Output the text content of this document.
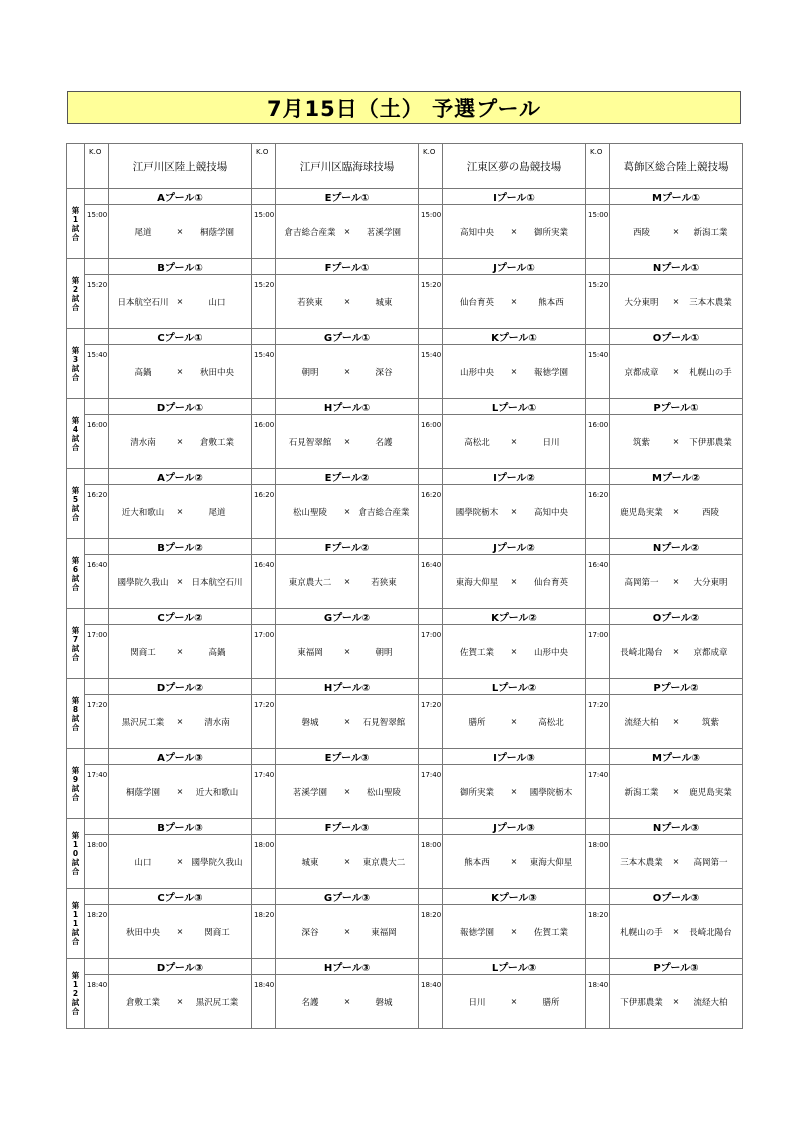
7月15日（土） 予選プール
	K.O	江戸川区陸上競技場	K.O	江戸川区臨海球技場	K.O	江東区夢の島競技場	K.O	葛飾区総合陸上競技場

第
1
試
合		Aプール①		Eプール①		Iプール①		Mプール①
	15:00	尾道 × 桐蔭学園	15:00	倉吉総合産業 × 茗溪学園	15:00	高知中央 × 御所実業	15:00	西陵 × 新潟工業

第
2
試
合		Bプール①		Fプール①		Jプール①		Nプール①
	15:20	日本航空石川 × 山口	15:20	若狭東 × 城東	15:20	仙台育英 × 熊本西	15:20	大分東明 × 三本木農業

第
3
試
合		Cプール①		Gプール①		Kプール①		Oプール①
	15:40	高鍋 × 秋田中央	15:40	朝明 × 深谷	15:40	山形中央 × 報徳学園	15:40	京都成章 × 札幌山の手

第
4
試
合		Dプール①		Hプール①		Lプール①		Pプール①
	16:00	清水南 × 倉敷工業	16:00	石見智翠館 × 名護	16:00	高松北 × 日川	16:00	筑紫 × 下伊那農業

第
5
試
合		Aプール②		Eプール②		Iプール②		Mプール②
	16:20	近大和歌山 × 尾道	16:20	松山聖陵 × 倉吉総合産業	16:20	國學院栃木 × 高知中央	16:20	鹿児島実業 × 西陵

第
6
試
合		Bプール②		Fプール②		Jプール②		Nプール②
	16:40	國學院久我山 × 日本航空石川	16:40	東京農大二 × 若狭東	16:40	東海大仰星 × 仙台育英	16:40	高岡第一 × 大分東明

第
7
試
合		Cプール②		Gプール②		Kプール②		Oプール②
	17:00	関商工 × 高鍋	17:00	東福岡 × 朝明	17:00	佐賀工業 × 山形中央	17:00	長崎北陽台 × 京都成章

第
8
試
合		Dプール②		Hプール②		Lプール②		Pプール②
	17:20	黒沢尻工業 × 清水南	17:20	磐城 × 石見智翠館	17:20	膳所 × 高松北	17:20	流経大柏 × 筑紫

第
9
試
合		Aプール③		Eプール③		Iプール③		Mプール③
	17:40	桐蔭学園 × 近大和歌山	17:40	茗溪学園 × 松山聖陵	17:40	御所実業 × 國學院栃木	17:40	新潟工業 × 鹿児島実業

第
1
0
試
合		Bプール③		Fプール③		Jプール③		Nプール③
	18:00	山口 × 國學院久我山	18:00	城東 × 東京農大二	18:00	熊本西 × 東海大仰星	18:00	三本木農業 × 高岡第一

第
1
1
試
合		Cプール③		Gプール③		Kプール③		Oプール③
	18:20	秋田中央 × 関商工	18:20	深谷 × 東福岡	18:20	報徳学園 × 佐賀工業	18:20	札幌山の手 × 長崎北陽台

第
1
2
試
合		Dプール③		Hプール③		Lプール③		Pプール③
	18:40	倉敷工業 × 黒沢尻工業	18:40	名護 × 磐城	18:40	日川 × 膳所	18:40	下伊那農業 × 流経大柏
